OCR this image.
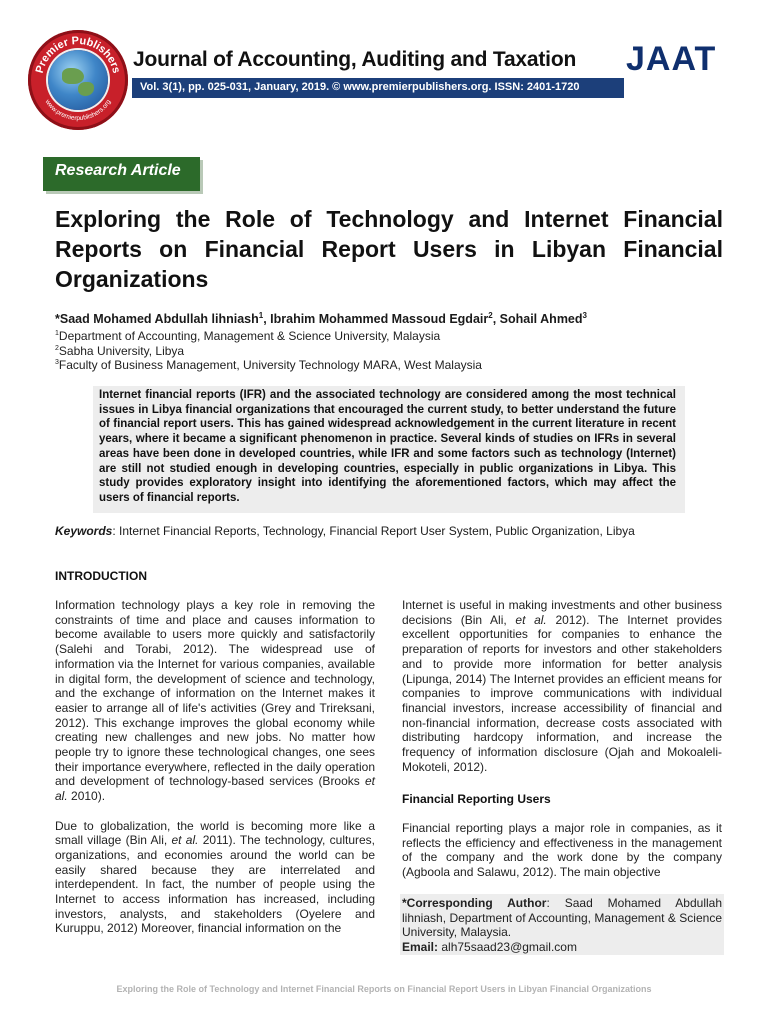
Premier Publishers
www.premierpublishers.org
Journal of Accounting, Auditing and Taxation
Vol. 3(1), pp. 025-031, January, 2019. © www.premierpublishers.org. ISSN: 2401-1720
JAAT
Research Article
Exploring the Role of Technology and Internet Financial Reports on Financial Report Users in Libyan Financial Organizations
*Saad Mohamed Abdullah lihniash$^1$, Ibrahim Mohammed Massoud Egdair$^2$, Sohail Ahmed$^3$
$^1$Department of Accounting, Management & Science University, Malaysia
$^2$Sabha University, Libya
$^3$Faculty of Business Management, University Technology MARA, West Malaysia
Internet financial reports (IFR) and the associated technology are considered among the most technical issues in Libya financial organizations that encouraged the current study, to better understand the future of financial report users. This has gained widespread acknowledgement in the current literature in recent years, where it became a significant phenomenon in practice. Several kinds of studies on IFRs in several areas have been done in developed countries, while IFR and some factors such as technology (Internet) are still not studied enough in developing countries, especially in public organizations in Libya. This study provides exploratory insight into identifying the aforementioned factors, which may affect the users of financial reports.
Keywords: Internet Financial Reports, Technology, Financial Report User System, Public Organization, Libya
INTRODUCTION

Information technology plays a key role in removing the constraints of time and place and causes information to become available to users more quickly and satisfactorily (Salehi and Torabi, 2012). The widespread use of information via the Internet for various companies, available in digital form, the development of science and technology, and the exchange of information on the Internet makes it easier to arrange all of life's activities (Grey and Trireksani, 2012). This exchange improves the global economy while creating new challenges and new jobs. No matter how people try to ignore these technological changes, one sees their importance everywhere, reflected in the daily operation and development of technology-based services (Brooks et al. 2010).

Due to globalization, the world is becoming more like a small village (Bin Ali, et al. 2011). The technology, cultures, organizations, and economies around the world can be easily shared because they are interrelated and interdependent. In fact, the number of people using the Internet to access information has increased, including investors, analysts, and stakeholders (Oyelere and Kuruppu, 2012) Moreover, financial information on the

Internet is useful in making investments and other business decisions (Bin Ali, et al. 2012). The Internet provides excellent opportunities for companies to enhance the preparation of reports for investors and other stakeholders and to provide more information for better analysis (Lipunga, 2014) The Internet provides an efficient means for companies to improve communications with individual financial investors, increase accessibility of financial and non-financial information, decrease costs associated with distributing hardcopy information, and increase the frequency of information disclosure (Ojah and Mokoaleli-Mokoteli, 2012).

Financial Reporting Users

Financial reporting plays a major role in companies, as it reflects the efficiency and effectiveness in the management of the company and the work done by the company (Agboola and Salawu, 2012). The main objective

*Corresponding Author: Saad Mohamed Abdullah lihniash, Department of Accounting, Management & Science University, Malaysia.
Email: alh75saad23@gmail.com
Exploring the Role of Technology and Internet Financial Reports on Financial Report Users in Libyan Financial Organizations
